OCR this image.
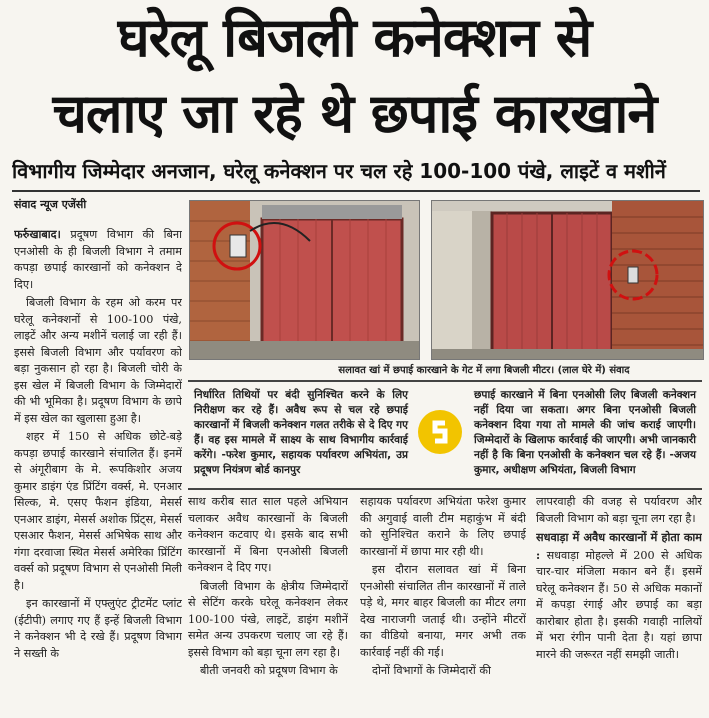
घरेलू बिजली कनेक्शन से
चलाए जा रहे थे छपाई कारखाने
विभागीय जिम्मेदार अनजान, घरेलू कनेक्शन पर चल रहे 100-100 पंखे, लाइटें व मशीनें
संवाद न्यूज एजेंसी

फर्रुखाबाद। प्रदूषण विभाग की बिना एनओसी के ही बिजली विभाग ने तमाम कपड़ा छपाई कारखानों को कनेक्शन दे दिए।

बिजली विभाग के रहम ओ करम पर घरेलू कनेक्शनों से 100-100 पंखे, लाइटें और अन्य मशीनें चलाई जा रही हैं। इससे बिजली विभाग और पर्यावरण को बड़ा नुकसान हो रहा है। बिजली चोरी के इस खेल में बिजली विभाग के जिम्मेदारों की भी भूमिका है। प्रदूषण विभाग के छापे में इस खेल का खुलासा हुआ है।

शहर में 150 से अधिक छोटे-बड़े कपड़ा छपाई कारखाने संचालित हैं। इनमें से अंगूरीबाग के मे. रूपकिशोर अजय कुमार डाइंग एंड प्रिंटिंग वर्क्स, मे. एनआर सिल्क, मे. एसए फैशन इंडिया, मेसर्स एनआर डाइंग, मेसर्स अशोक प्रिंट्स, मेसर्स एसआर फैशन, मेसर्स अभिषेक साथ और गंगा दरवाजा स्थित मेसर्स अमेरिका प्रिंटिंग वर्क्स को प्रदूषण विभाग से एनओसी मिली है।

इन कारखानों में एफ्लुएंट ट्रीटमेंट प्लांट (ईटीपी) लगाए गए हैं इन्हें बिजली विभाग ने कनेक्शन भी दे रखे हैं। प्रदूषण विभाग ने सख्ती के

सलावत खां में छपाई कारखाने के गेट में लगा बिजली मीटर। (लाल घेरे में) संवाद
निर्धारित तिथियों पर बंदी सुनिश्चित करने के लिए निरीक्षण कर रहे हैं। अवैध रूप से चल रहे छपाई कारखानों में बिजली कनेक्शन गलत तरीके से दे दिए गए हैं। वह इस मामले में साक्ष्य के साथ विभागीय कार्रवाई करेंगे। -फरेश कुमार, सहायक पर्यावरण अभियंता, उप्र प्रदूषण नियंत्रण बोर्ड कानपुर
छपाई कारखाने में बिना एनओसी लिए बिजली कनेक्शन नहीं दिया जा सकता। अगर बिना एनओसी बिजली कनेक्शन दिया गया तो मामले की जांच कराई जाएगी। जिम्मेदारों के खिलाफ कार्रवाई की जाएगी। अभी जानकारी नहीं है कि बिना एनओसी के कनेक्शन चल रहे हैं। -अजय कुमार, अधीक्षण अभियंता, बिजली विभाग

साथ करीब सात साल पहले अभियान चलाकर अवैध कारखानों के बिजली कनेक्शन कटवाए थे। इसके बाद सभी कारखानों में बिना एनओसी बिजली कनेक्शन दे दिए गए।

बिजली विभाग के क्षेत्रीय जिम्मेदारों से सेटिंग करके घरेलू कनेक्शन लेकर 100-100 पंखे, लाइटें, डाइंग मशीनें समेत अन्य उपकरण चलाए जा रहे हैं। इससे विभाग को बड़ा चूना लग रहा है।

बीती जनवरी को प्रदूषण विभाग के

सहायक पर्यावरण अभियंता फरेश कुमार की अगुवाई वाली टीम महाकुंभ में बंदी को सुनिश्चित कराने के लिए छपाई कारखानों में छापा मार रही थी।

इस दौरान सलावत खां में बिना एनओसी संचालित तीन कारखानों में ताले पड़े थे, मगर बाहर बिजली का मीटर लगा देख नाराजगी जताई थी। उन्होंने मीटरों का वीडियो बनाया, मगर अभी तक कार्रवाई नहीं की गई।

दोनों विभागों के जिम्मेदारों की

लापरवाही की वजह से पर्यावरण और बिजली विभाग को बड़ा चूना लग रहा है।

सधवाड़ा में अवैध कारखानों में होता काम : सधवाड़ा मोहल्ले में 200 से अधिक चार-चार मंजिला मकान बने हैं। इसमें घरेलू कनेक्शन हैं। 50 से अधिक मकानों में कपड़ा रंगाई और छपाई का बड़ा कारोबार होता है। इसकी गवाही नालियों में भरा रंगीन पानी देता है। यहां छापा मारने की जरूरत नहीं समझी जाती।
